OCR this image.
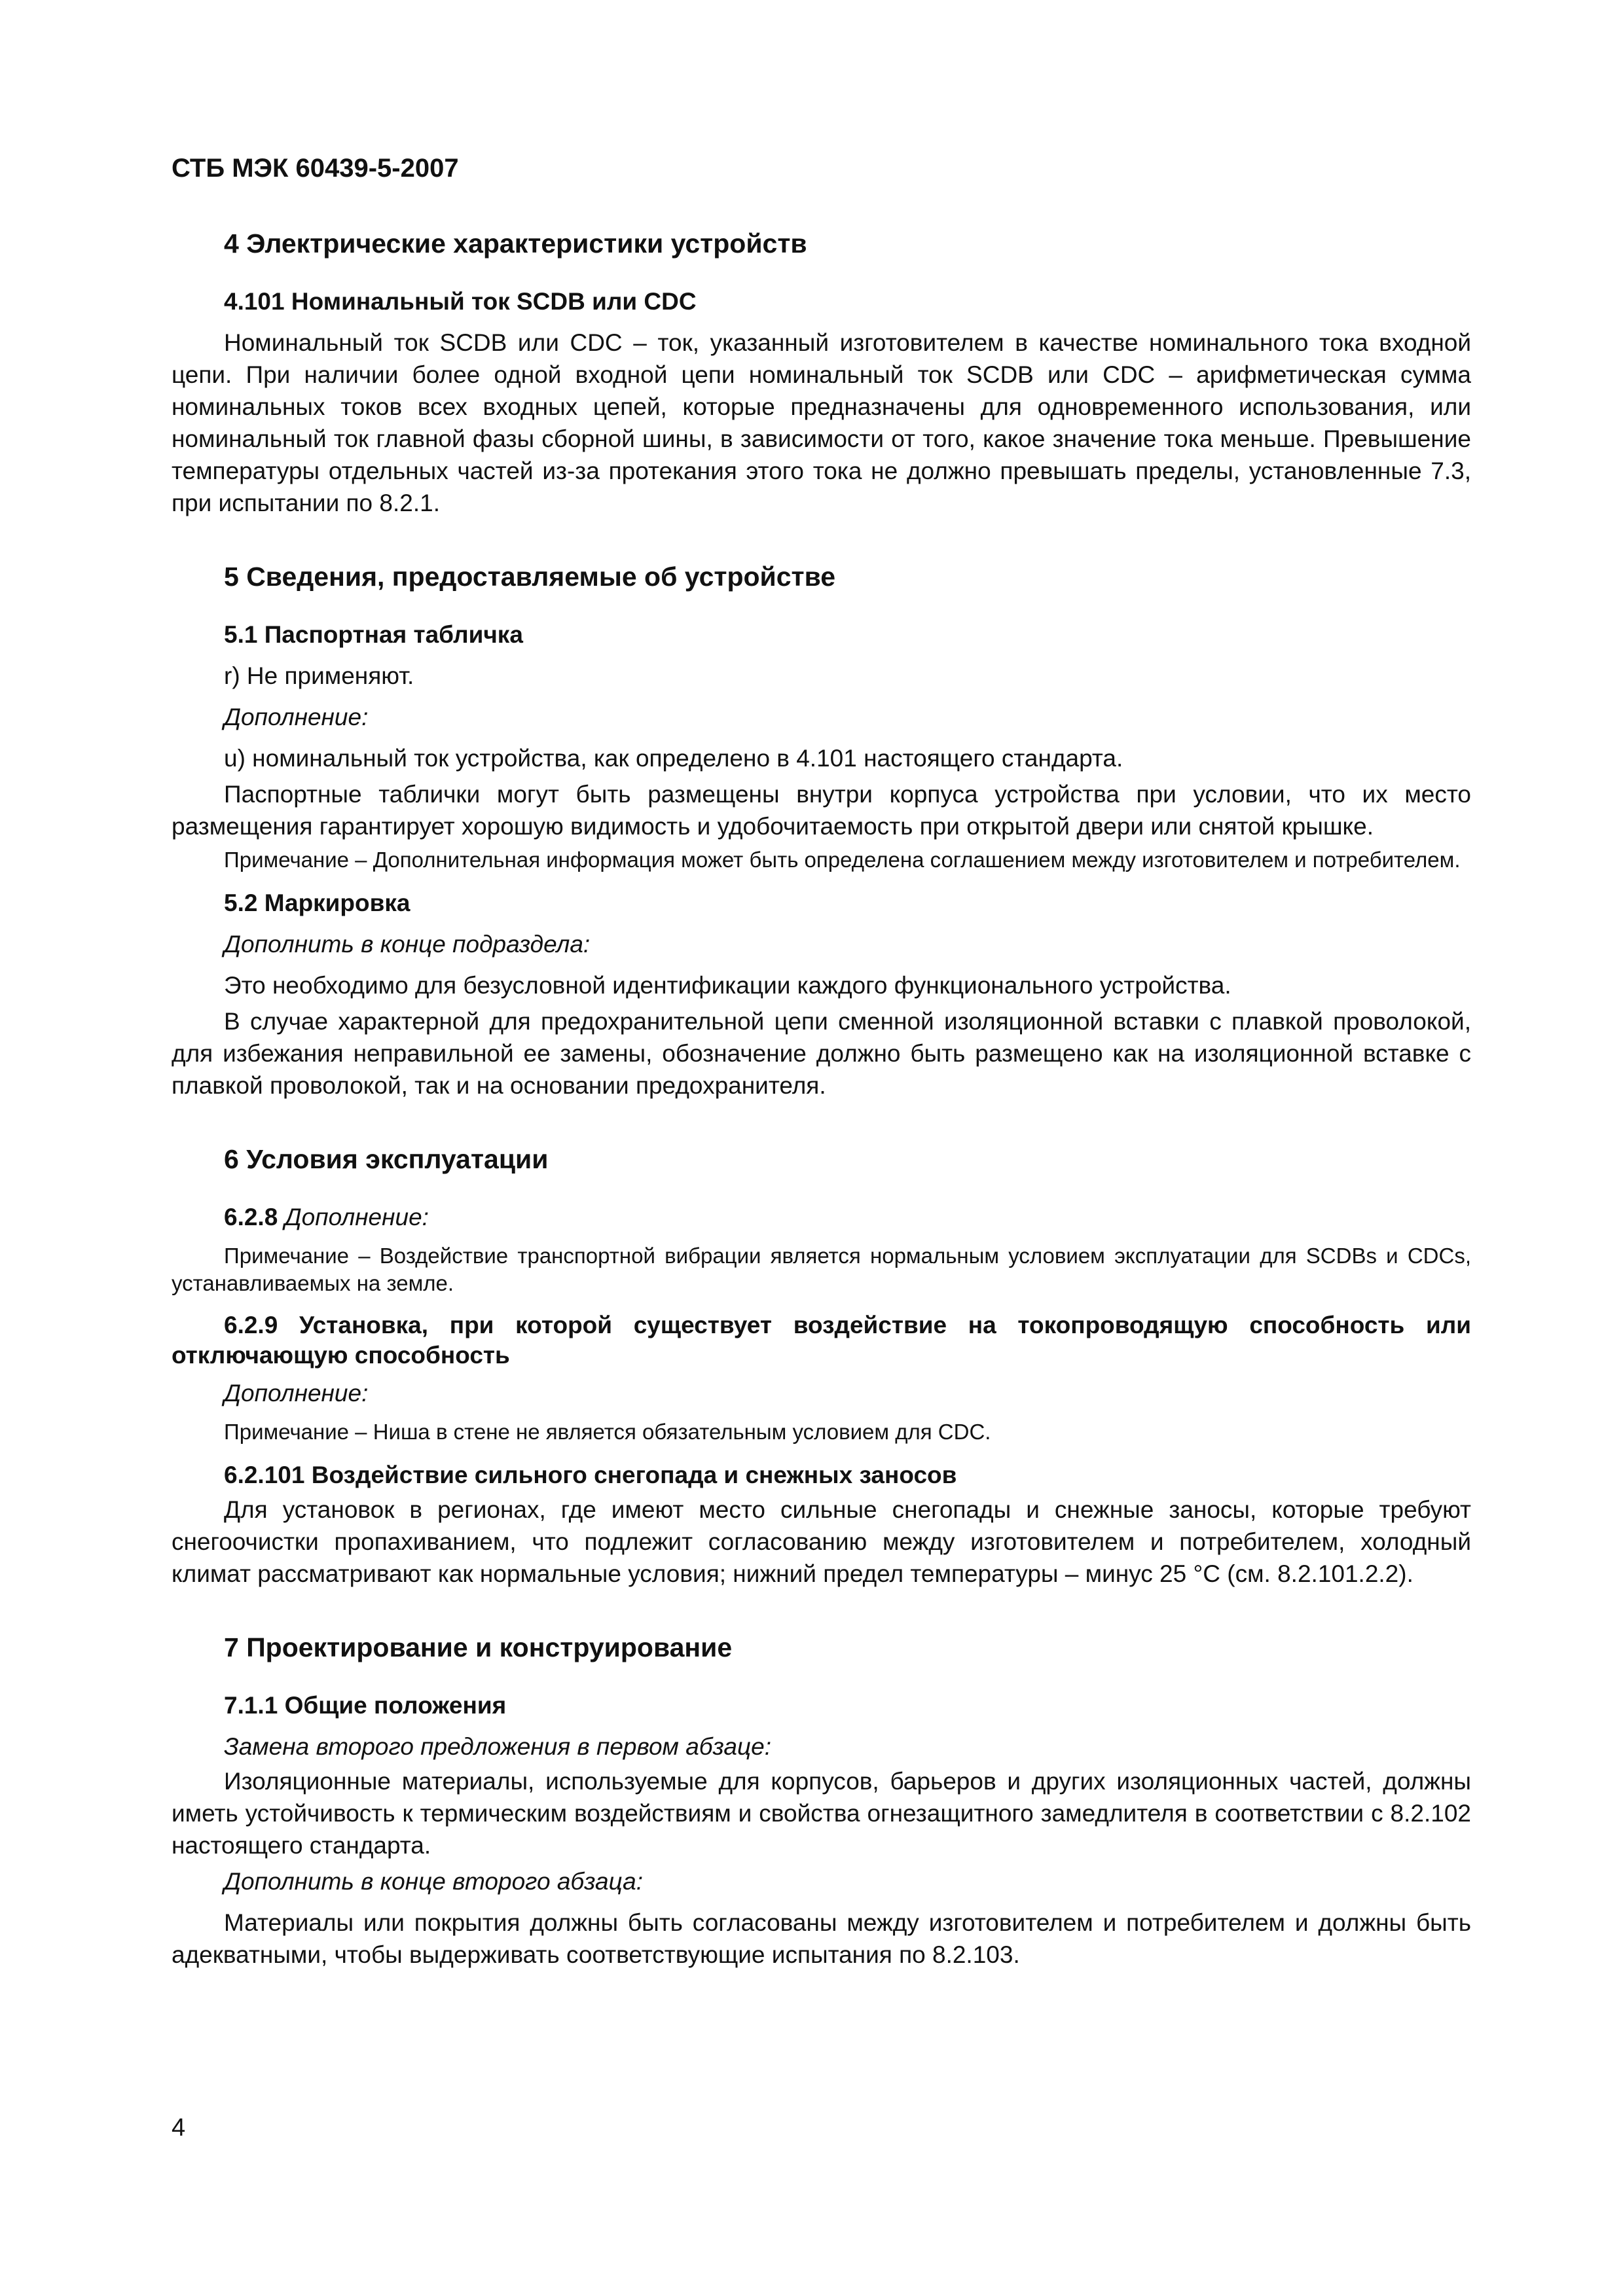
СТБ МЭК 60439-5-2007
4 Электрические характеристики устройств
4.101 Номинальный ток SCDB или CDC
Номинальный ток SCDB или CDC – ток, указанный изготовителем в качестве номинального тока входной цепи. При наличии более одной входной цепи номинальный ток SCDB или CDC – арифметическая сумма номинальных токов всех входных цепей, которые предназначены для одновременного использования, или номинальный ток главной фазы сборной шины, в зависимости от того, какое значение тока меньше. Превышение температуры отдельных частей из-за протекания этого тока не должно превышать пределы, установленные 7.3, при испытании по 8.2.1.
5 Сведения, предоставляемые об устройстве
5.1 Паспортная табличка
r) Не применяют.
Дополнение:
u) номинальный ток устройства, как определено в 4.101 настоящего стандарта.
Паспортные таблички могут быть размещены внутри корпуса устройства при условии, что их место размещения гарантирует хорошую видимость и удобочитаемость при открытой двери или снятой крышке.
Примечание – Дополнительная информация может быть определена соглашением между изготовителем и потребителем.
5.2 Маркировка
Дополнить в конце подраздела:
Это необходимо для безусловной идентификации каждого функционального устройства.
В случае характерной для предохранительной цепи сменной изоляционной вставки с плавкой проволокой, для избежания неправильной ее замены, обозначение должно быть размещено как на изоляционной вставке с плавкой проволокой, так и на основании предохранителя.
6 Условия эксплуатации
6.2.8 Дополнение:
Примечание – Воздействие транспортной вибрации является нормальным условием эксплуатации для SCDBs и CDCs, устанавливаемых на земле.
6.2.9 Установка, при которой существует воздействие на токопроводящую способность или отключающую способность
Дополнение:
Примечание – Ниша в стене не является обязательным условием для CDC.
6.2.101 Воздействие сильного снегопада и снежных заносов
Для установок в регионах, где имеют место сильные снегопады и снежные заносы, которые требуют снегоочистки пропахиванием, что подлежит согласованию между изготовителем и потребителем, холодный климат рассматривают как нормальные условия; нижний предел температуры – минус 25 °С (см. 8.2.101.2.2).
7 Проектирование и конструирование
7.1.1 Общие положения
Замена второго предложения в первом абзаце:
Изоляционные материалы, используемые для корпусов, барьеров и других изоляционных частей, должны иметь устойчивость к термическим воздействиям и свойства огнезащитного замедлителя в соответствии с 8.2.102 настоящего стандарта.
Дополнить в конце второго абзаца:
Материалы или покрытия должны быть согласованы между изготовителем и потребителем и должны быть адекватными, чтобы выдерживать соответствующие испытания по 8.2.103.
4
